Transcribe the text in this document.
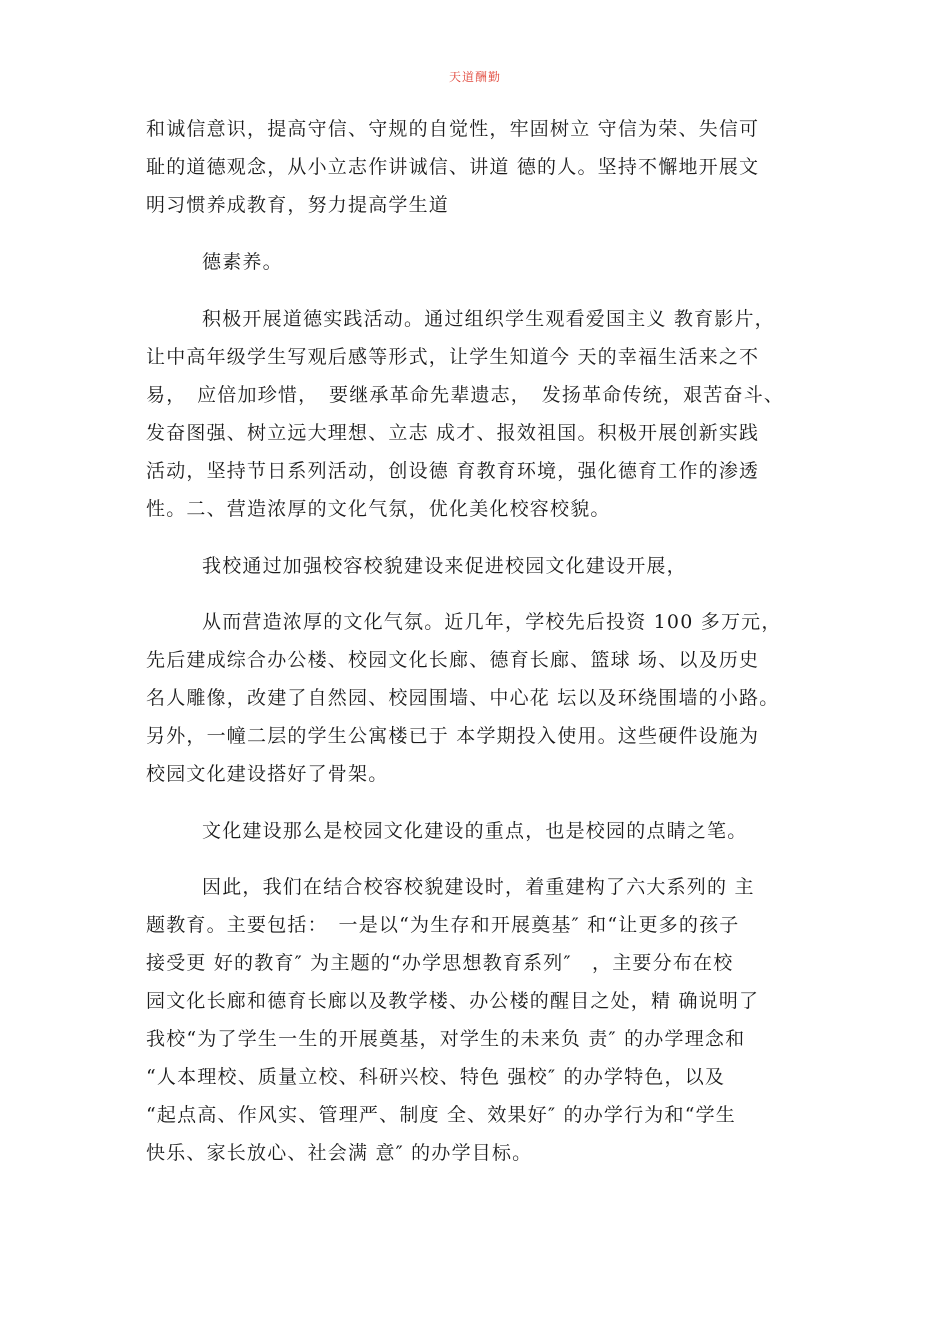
天道酬勤
和诚信意识，提高守信、守规的自觉性，牢固树立 守信为荣、失信可
耻的道德观念，从小立志作讲诚信、讲道 德的人。坚持不懈地开展文
明习惯养成教育，努力提高学生道
德素养。
积极开展道德实践活动。通过组织学生观看爱国主义 教育影片，
让中高年级学生写观后感等形式，让学生知道今 天的幸福生活来之不
易，　应倍加珍惜，　要继承革命先辈遗志，　发扬革命传统，艰苦奋斗、
发奋图强、树立远大理想、立志 成才、报效祖国。积极开展创新实践
活动，坚持节日系列活动，创设德 育教育环境，强化德育工作的渗透
性。二、营造浓厚的文化气氛，优化美化校容校貌。
我校通过加强校容校貌建设来促进校园文化建设开展，
从而营造浓厚的文化气氛。近几年，学校先后投资 100 多万元，
先后建成综合办公楼、校园文化长廊、德育长廊、篮球 场、以及历史
名人雕像，改建了自然园、校园围墙、中心花 坛以及环绕围墙的小路。
另外，一幢二层的学生公寓楼已于 本学期投入使用。这些硬件设施为
校园文化建设搭好了骨架。
文化建设那么是校园文化建设的重点，也是校园的点睛之笔。
因此，我们在结合校容校貌建设时，着重建构了六大系列的 主
题教育。主要包括：　一是以“为生存和开展奠基″ 和“让更多的孩子
接受更 好的教育″ 为主题的“办学思想教育系列″　，主要分布在校
园文化长廊和德育长廊以及教学楼、办公楼的醒目之处，精 确说明了
我校“为了学生一生的开展奠基，对学生的未来负 责″ 的办学理念和
“人本理校、质量立校、科研兴校、特色 强校″ 的办学特色，以及
“起点高、作风实、管理严、制度 全、效果好″ 的办学行为和“学生
快乐、家长放心、社会满 意″ 的办学目标。
